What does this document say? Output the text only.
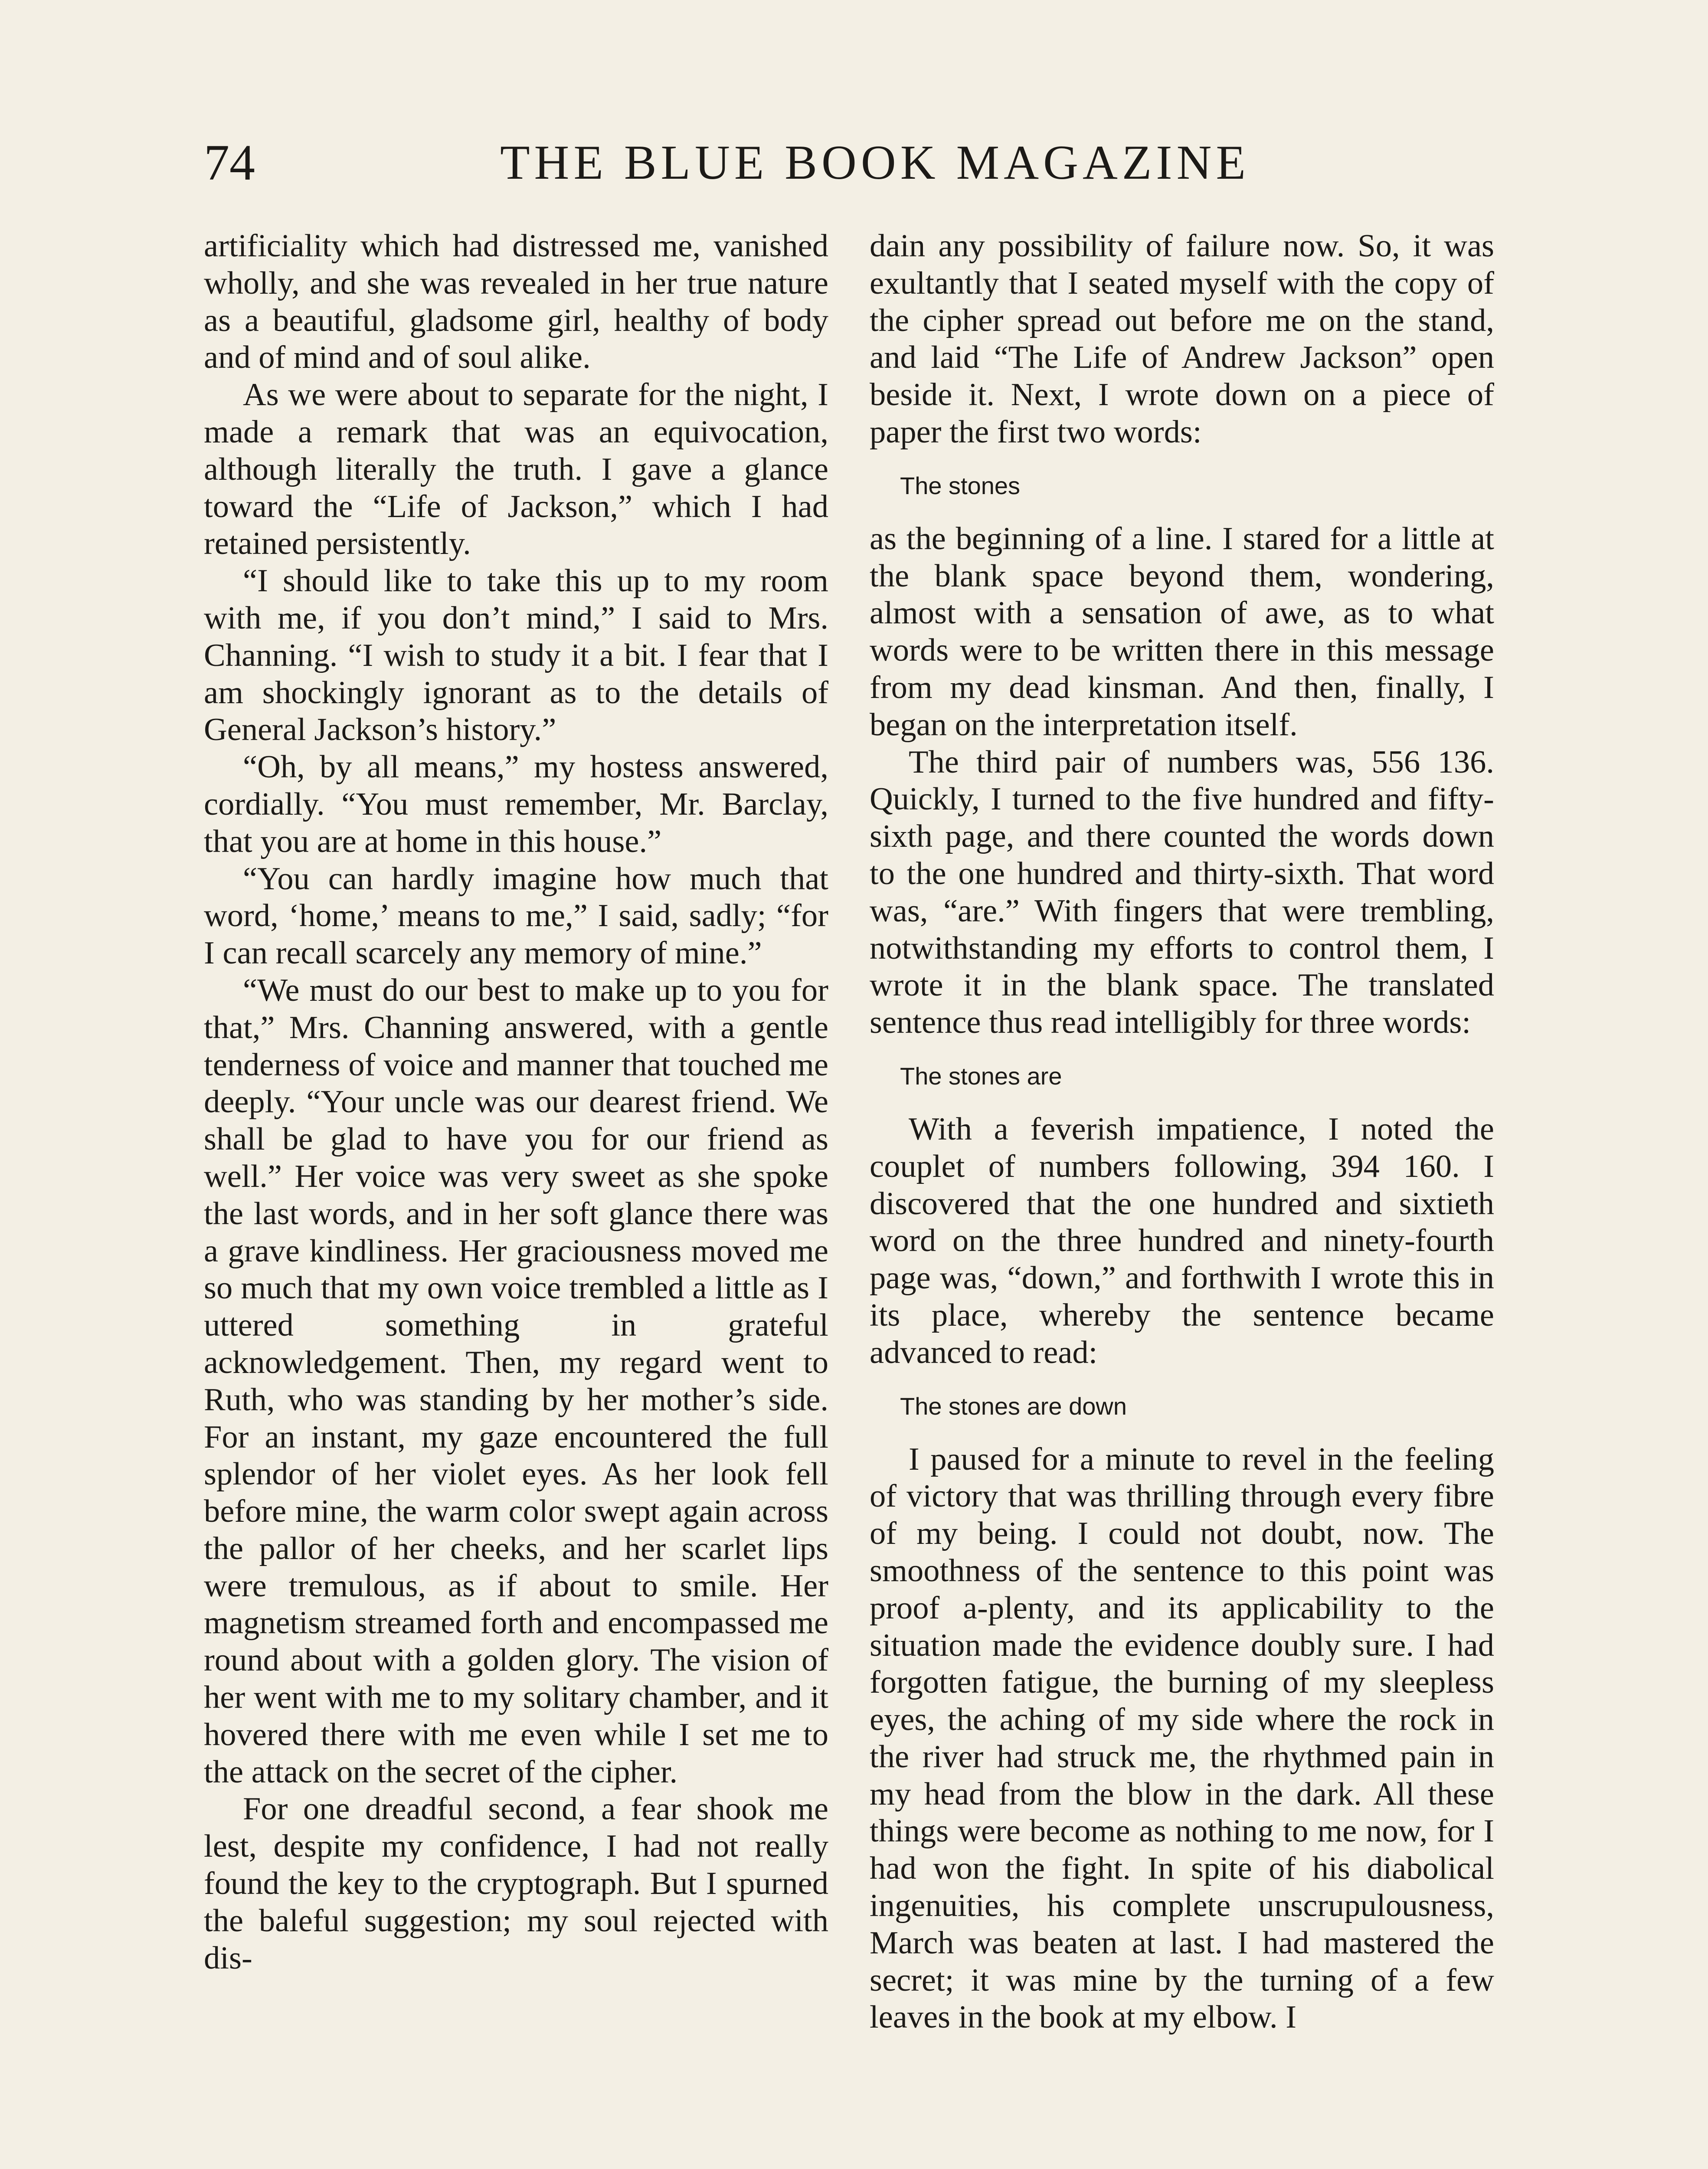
74	THE BLUE BOOK MAGAZINE

artificiality which had distressed me, vanished wholly, and she was revealed in her true nature as a beautiful, gladsome girl, healthy of body and of mind and of soul alike.

As we were about to separate for the night, I made a remark that was an equivocation, although literally the truth. I gave a glance toward the “Life of Jackson,” which I had retained persistently.

“I should like to take this up to my room with me, if you don’t mind,” I said to Mrs. Channing. “I wish to study it a bit. I fear that I am shockingly ignorant as to the details of General Jackson’s history.”

“Oh, by all means,” my hostess answered, cordially. “You must remember, Mr. Barclay, that you are at home in this house.”

“You can hardly imagine how much that word, ‘home,’ means to me,” I said, sadly; “for I can recall scarcely any memory of mine.”

“We must do our best to make up to you for that,” Mrs. Channing answered, with a gentle tenderness of voice and manner that touched me deeply. “Your uncle was our dearest friend. We shall be glad to have you for our friend as well.” Her voice was very sweet as she spoke the last words, and in her soft glance there was a grave kindliness. Her graciousness moved me so much that my own voice trembled a little as I uttered something in grateful acknowledgement. Then, my regard went to Ruth, who was standing by her mother’s side. For an instant, my gaze encountered the full splendor of her violet eyes. As her look fell before mine, the warm color swept again across the pallor of her cheeks, and her scarlet lips were tremulous, as if about to smile. Her magnetism streamed forth and encompassed me round about with a golden glory. The vision of her went with me to my solitary chamber, and it hovered there with me even while I set me to the attack on the secret of the cipher.

For one dreadful second, a fear shook me lest, despite my confidence, I had not really found the key to the cryptograph. But I spurned the baleful suggestion; my soul rejected with dis-

dain any possibility of failure now. So, it was exultantly that I seated myself with the copy of the cipher spread out before me on the stand, and laid “The Life of Andrew Jackson” open beside it. Next, I wrote down on a piece of paper the first two words:

The stones

as the beginning of a line. I stared for a little at the blank space beyond them, wondering, almost with a sensation of awe, as to what words were to be written there in this message from my dead kinsman. And then, finally, I began on the interpretation itself.

The third pair of numbers was, 556 136. Quickly, I turned to the five hundred and fifty-sixth page, and there counted the words down to the one hundred and thirty-sixth. That word was, “are.” With fingers that were trembling, notwithstanding my efforts to control them, I wrote it in the blank space. The translated sentence thus read intelligibly for three words:

The stones are

With a feverish impatience, I noted the couplet of numbers following, 394 160. I discovered that the one hundred and sixtieth word on the three hundred and ninety-fourth page was, “down,” and forthwith I wrote this in its place, whereby the sentence became advanced to read:

The stones are down

I paused for a minute to revel in the feeling of victory that was thrilling through every fibre of my being. I could not doubt, now. The smoothness of the sentence to this point was proof a-plenty, and its applicability to the situation made the evidence doubly sure. I had forgotten fatigue, the burning of my sleepless eyes, the aching of my side where the rock in the river had struck me, the rhythmed pain in my head from the blow in the dark. All these things were become as nothing to me now, for I had won the fight. In spite of his diabolical ingenuities, his complete unscrupulousness, March was beaten at last. I had mastered the secret; it was mine by the turning of a few leaves in the book at my elbow. I
